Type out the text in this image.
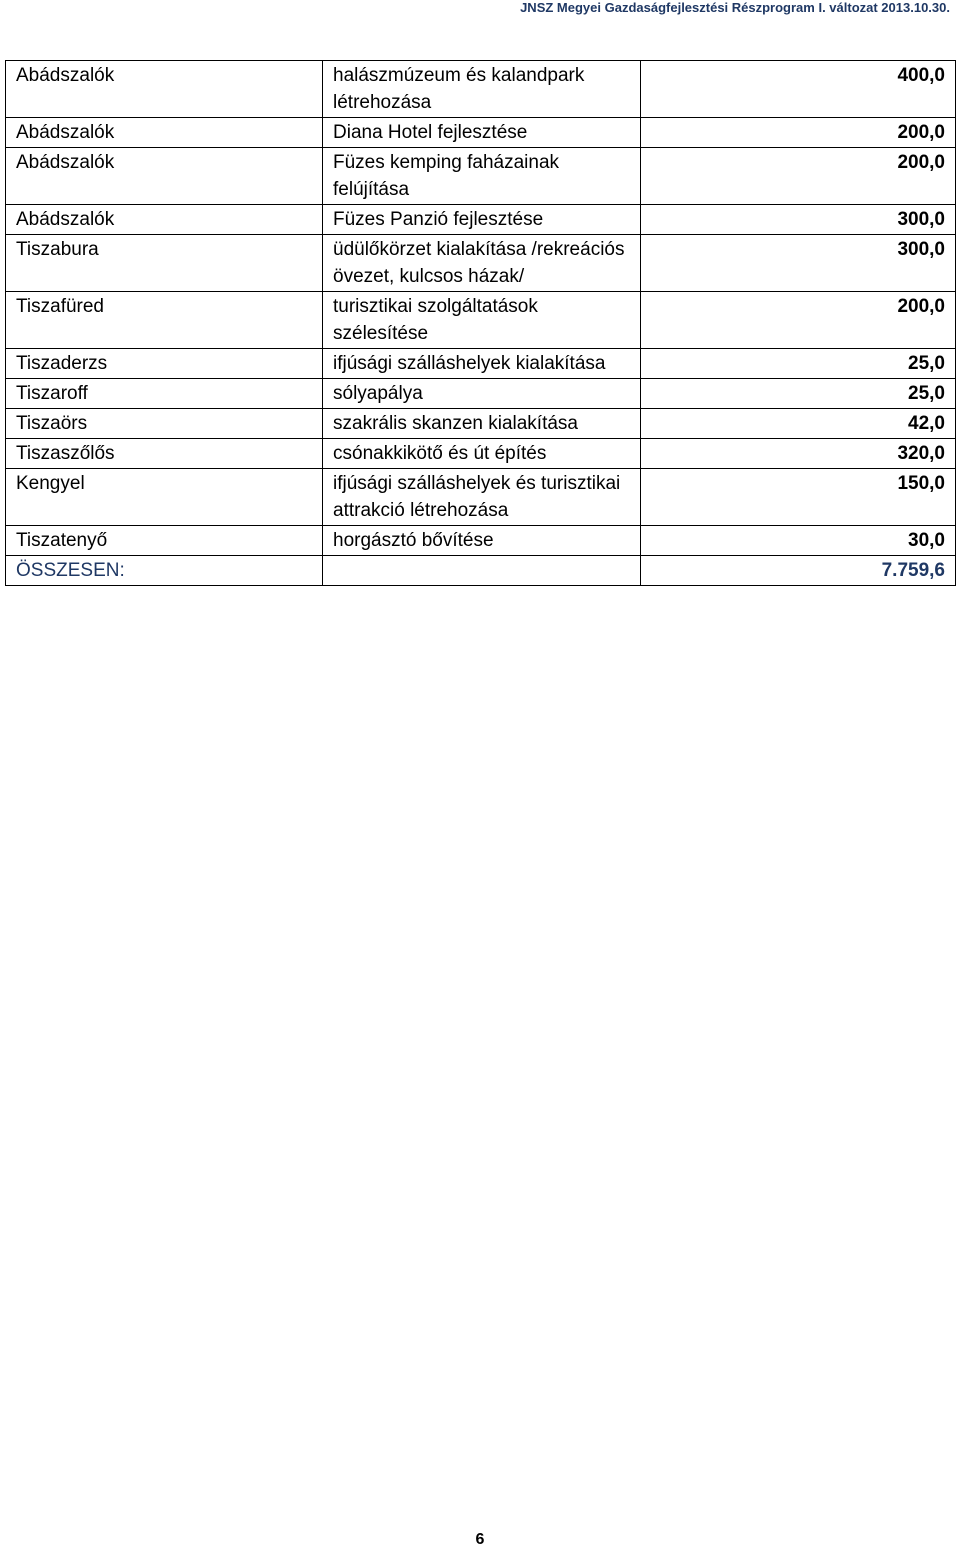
JNSZ Megyei Gazdaságfejlesztési Részprogram I. változat 2013.10.30.
Abádszalók	halászmúzeum és kalandpark létrehozása	400,0
Abádszalók	Diana Hotel fejlesztése	200,0
Abádszalók	Füzes kemping faházainak felújítása	200,0
Abádszalók	Füzes Panzió fejlesztése	300,0
Tiszabura	üdülőkörzet kialakítása /rekreációs övezet, kulcsos házak/	300,0
Tiszafüred	turisztikai szolgáltatások szélesítése	200,0
Tiszaderzs	ifjúsági szálláshelyek kialakítása	25,0
Tiszaroff	sólyapálya	25,0
Tiszaörs	szakrális skanzen kialakítása	42,0
Tiszaszőlős	csónakkikötő és út építés	320,0
Kengyel	ifjúsági szálláshelyek és turisztikai attrakció létrehozása	150,0
Tiszatenyő	horgásztó bővítése	30,0
ÖSSZESEN:		7.759,6
6
